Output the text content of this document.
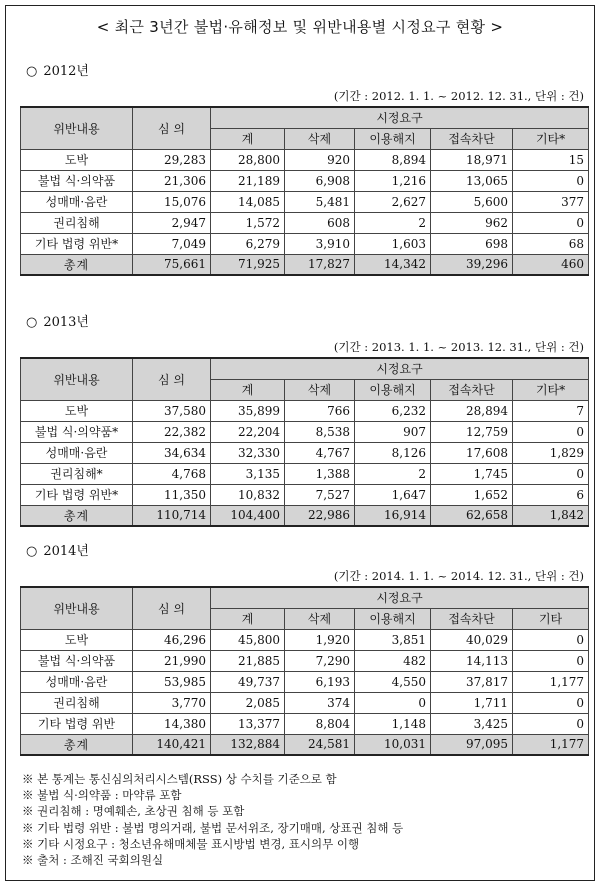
< 최근 3년간 불법·유해정보 및 위반내용별 시정요구 현황 >
○ 2012년
(기간 : 2012. 1. 1. ~ 2012. 12. 31., 단위 : 건)
위반내용	심 의	시정요구				
		계	삭제	이용해지	접속차단	기타*
도박	29,283	28,800	920	8,894	18,971	15
불법 식·의약품	21,306	21,189	6,908	1,216	13,065	0
성매매·음란	15,076	14,085	5,481	2,627	5,600	377
권리침해	2,947	1,572	608	2	962	0
기타 법령 위반*	7,049	6,279	3,910	1,603	698	68
총계	75,661	71,925	17,827	14,342	39,296	460
○ 2013년
(기간 : 2013. 1. 1. ~ 2013. 12. 31., 단위 : 건)
위반내용	심 의	시정요구				
		계	삭제	이용해지	접속차단	기타*
도박	37,580	35,899	766	6,232	28,894	7
불법 식·의약품*	22,382	22,204	8,538	907	12,759	0
성매매·음란	34,634	32,330	4,767	8,126	17,608	1,829
권리침해*	4,768	3,135	1,388	2	1,745	0
기타 법령 위반*	11,350	10,832	7,527	1,647	1,652	6
총계	110,714	104,400	22,986	16,914	62,658	1,842
○ 2014년
(기간 : 2014. 1. 1. ~ 2014. 12. 31., 단위 : 건)
위반내용	심 의	시정요구				
		계	삭제	이용해지	접속차단	기타
도박	46,296	45,800	1,920	3,851	40,029	0
불법 식·의약품	21,990	21,885	7,290	482	14,113	0
성매매·음란	53,985	49,737	6,193	4,550	37,817	1,177
권리침해	3,770	2,085	374	0	1,711	0
기타 법령 위반	14,380	13,377	8,804	1,148	3,425	0
총계	140,421	132,884	24,581	10,031	97,095	1,177
※ 본 통계는 통신심의처리시스템(RSS) 상 수치를 기준으로 함
※ 불법 식·의약품 : 마약류 포함
※ 권리침해 : 명예훼손, 초상권 침해 등 포함
※ 기타 법령 위반 : 불법 명의거래, 불법 문서위조, 장기매매, 상표권 침해 등
※ 기타 시정요구 : 청소년유해매체물 표시방법 변경, 표시의무 이행
※ 출처 : 조해진 국회의원실
